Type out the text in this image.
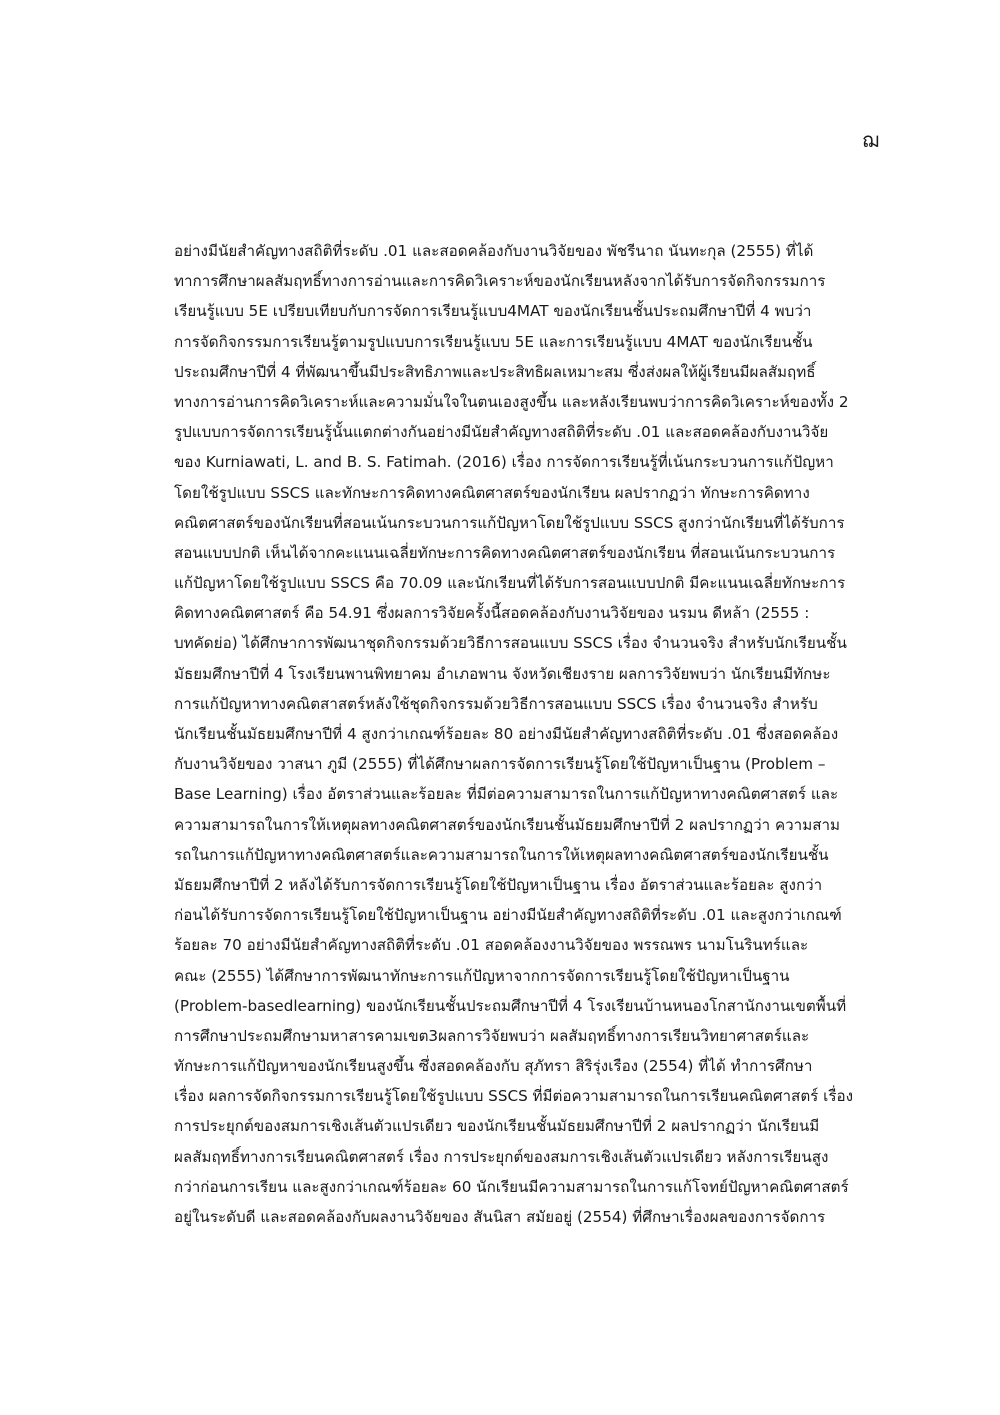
ฌ
อย่างมีนัยสำคัญทางสถิติที่ระดับ .01 และสอดคล้องกับงานวิจัยของ พัชรีนาถ นันทะกุล (2555) ที่ได้
ทาการศึกษาผลสัมฤทธิ์ทางการอ่านและการคิดวิเคราะห์ของนักเรียนหลังจากได้รับการจัดกิจกรรมการ
เรียนรู้แบบ 5E เปรียบเทียบกับการจัดการเรียนรู้แบบ4MAT ของนักเรียนชั้นประถมศึกษาปีที่ 4 พบว่า
การจัดกิจกรรมการเรียนรู้ตามรูปแบบการเรียนรู้แบบ 5E และการเรียนรู้แบบ 4MAT ของนักเรียนชั้น
ประถมศึกษาปีที่ 4 ที่พัฒนาขึ้นมีประสิทธิภาพและประสิทธิผลเหมาะสม ซึ่งส่งผลให้ผู้เรียนมีผลสัมฤทธิ์
ทางการอ่านการคิดวิเคราะห์และความมั่นใจในตนเองสูงขึ้น และหลังเรียนพบว่าการคิดวิเคราะห์ของทั้ง 2
รูปแบบการจัดการเรียนรู้นั้นแตกต่างกันอย่างมีนัยสำคัญทางสถิติที่ระดับ .01 และสอดคล้องกับงานวิจัย
ของ Kurniawati, L. and B. S. Fatimah. (2016) เรื่อง การจัดการเรียนรู้ที่เน้นกระบวนการแก้ปัญหา
โดยใช้รูปแบบ SSCS และทักษะการคิดทางคณิตศาสตร์ของนักเรียน ผลปรากฏว่า ทักษะการคิดทาง
คณิตศาสตร์ของนักเรียนที่สอนเน้นกระบวนการแก้ปัญหาโดยใช้รูปแบบ SSCS สูงกว่านักเรียนที่ได้รับการ
สอนแบบปกติ เห็นได้จากคะแนนเฉลี่ยทักษะการคิดทางคณิตศาสตร์ของนักเรียน ที่สอนเน้นกระบวนการ
แก้ปัญหาโดยใช้รูปแบบ SSCS คือ 70.09 และนักเรียนที่ได้รับการสอนแบบปกติ มีคะแนนเฉลี่ยทักษะการ
คิดทางคณิตศาสตร์ คือ 54.91 ซึ่งผลการวิจัยครั้งนี้สอดคล้องกับงานวิจัยของ นรมน ดีหล้า (2555 :
บทคัดย่อ) ได้ศึกษาการพัฒนาชุดกิจกรรมด้วยวิธีการสอนแบบ SSCS เรื่อง จำนวนจริง สำหรับนักเรียนชั้น
มัธยมศึกษาปีที่ 4 โรงเรียนพานพิทยาคม อำเภอพาน จังหวัดเชียงราย ผลการวิจัยพบว่า นักเรียนมีทักษะ
การแก้ปัญหาทางคณิตสาสตร์หลังใช้ชุดกิจกรรมด้วยวิธีการสอนแบบ SSCS เรื่อง จำนวนจริง สำหรับ
นักเรียนชั้นมัธยมศึกษาปีที่ 4 สูงกว่าเกณฑ์ร้อยละ 80 อย่างมีนัยสำคัญทางสถิติที่ระดับ .01 ซึ่งสอดคล้อง
กับงานวิจัยของ วาสนา ภูมี (2555) ที่ได้ศึกษาผลการจัดการเรียนรู้โดยใช้ปัญหาเป็นฐาน (Problem –
Base Learning) เรื่อง อัตราส่วนและร้อยละ ที่มีต่อความสามารถในการแก้ปัญหาทางคณิตศาสตร์ และ
ความสามารถในการให้เหตุผลทางคณิตศาสตร์ของนักเรียนชั้นมัธยมศึกษาปีที่ 2 ผลปรากฏว่า ความสาม
รถในการแก้ปัญหาทางคณิตศาสตร์และความสามารถในการให้เหตุผลทางคณิตศาสตร์ของนักเรียนชั้น
มัธยมศึกษาปีที่ 2 หลังได้รับการจัดการเรียนรู้โดยใช้ปัญหาเป็นฐาน เรื่อง อัตราส่วนและร้อยละ สูงกว่า
ก่อนได้รับการจัดการเรียนรู้โดยใช้ปัญหาเป็นฐาน อย่างมีนัยสำคัญทางสถิติที่ระดับ .01 และสูงกว่าเกณฑ์
ร้อยละ 70 อย่างมีนัยสำคัญทางสถิติที่ระดับ .01 สอดคล้องงานวิจัยของ พรรณพร นามโนรินทร์และ
คณะ (2555) ได้ศึกษาการพัฒนาทักษะการแก้ปัญหาจากการจัดการเรียนรู้โดยใช้ปัญหาเป็นฐาน
(Problem-basedlearning) ของนักเรียนชั้นประถมศึกษาปีที่ 4 โรงเรียนบ้านหนองโกสานักงานเขตพื้นที่
การศึกษาประถมศึกษามหาสารคามเขต3ผลการวิจัยพบว่า ผลสัมฤทธิ์ทางการเรียนวิทยาศาสตร์และ
ทักษะการแก้ปัญหาของนักเรียนสูงขึ้น ซึ่งสอดคล้องกับ สุภัทรา สิริรุ่งเรือง (2554) ที่ได้ ทำการศึกษา
เรื่อง ผลการจัดกิจกรรมการเรียนรู้โดยใช้รูปแบบ SSCS ที่มีต่อความสามารถในการเรียนคณิตศาสตร์ เรื่อง
การประยุกต์ของสมการเชิงเส้นตัวแปรเดียว ของนักเรียนชั้นมัธยมศึกษาปีที่ 2 ผลปรากฏว่า นักเรียนมี
ผลสัมฤทธิ์ทางการเรียนคณิตศาสตร์ เรื่อง การประยุกต์ของสมการเชิงเส้นตัวแปรเดียว หลังการเรียนสูง
กว่าก่อนการเรียน และสูงกว่าเกณฑ์ร้อยละ 60 นักเรียนมีความสามารถในการแก้โจทย์ปัญหาคณิตศาสตร์
อยู่ในระดับดี และสอดคล้องกับผลงานวิจัยของ สันนิสา สมัยอยู่ (2554) ที่ศึกษาเรื่องผลของการจัดการ
